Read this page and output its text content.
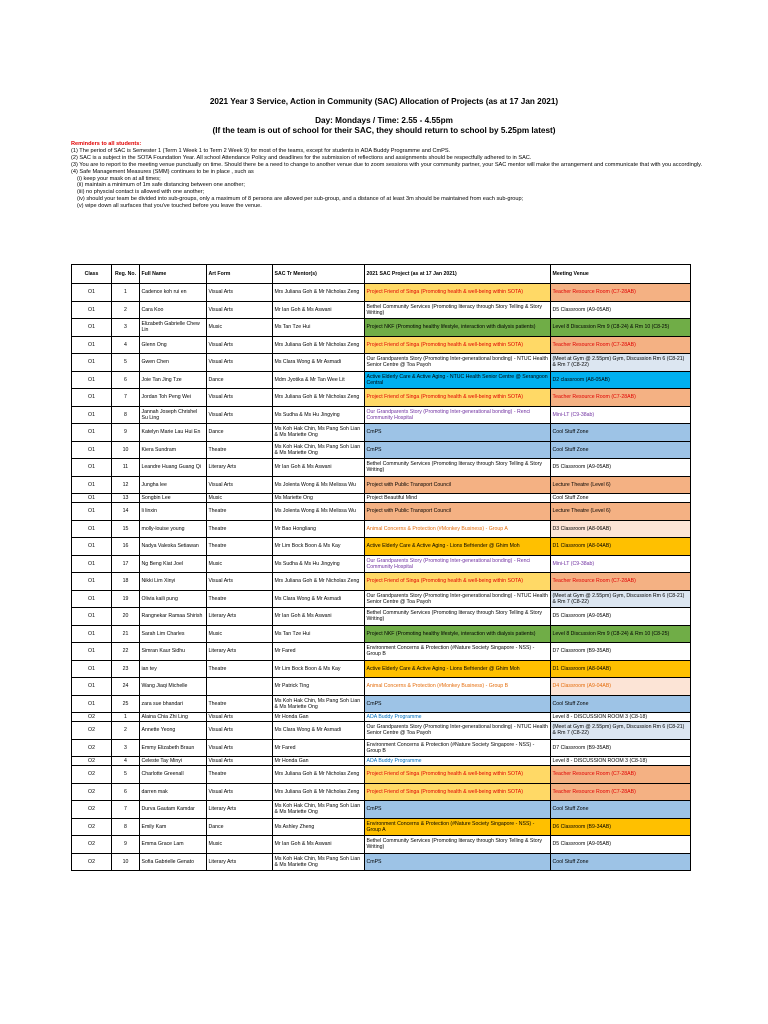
2021 Year 3 Service, Action in Community (SAC) Allocation of Projects (as at 17 Jan 2021)
Day: Mondays / Time: 2.55 - 4.55pm
(If the team is out of school for their SAC, they should return to school by 5.25pm latest)
Reminders to all students:
(1) The period of SAC is Semester 1 (Term 1 Week 1 to Term 2 Week 9) for most of the teams, except for students in ADA Buddy Programme and CmPS.
(2) SAC is a subject in the SOTA Foundation Year. All school Attendance Policy and deadlines for the submission of reflections and assignments should be respectfully adhered to in SAC.
(3) You are to report to the meeting venue punctually on time. Should there be a need to change to another venue due to zoom sessions with your community partner, your SAC mentor will make the arrangement and communicate that with you accordingly.
(4) Safe Management Measures (SMM) continues to be in place , such as
(i) keep your mask on at all times;
(ii) maintain a minimum of 1m safe distancing between one another;
(iii) no physcial contact is allowed with one another;
(iv) should your team be divided into sub-groups, only a maximum of 8 persons are allowed per sub-group, and a distance of at least 3m should be maintained from each sub-group;
(v) wipe down all surfaces that you've touched before you leave the venue.
Class	Reg. No.	Full Name	Art Form	SAC Tr Mentor(s)	2021 SAC Project (as at 17 Jan 2021)	Meeting Venue
O1	1	Cadence koh rui en	Visual Arts	Mrs Juliana Goh & Mr Nicholas Zeng	Project Friend of Singa (Promoting health & well-being within SOTA)	Teacher Resource Room (C7-28AB)
O1	2	Cara Koo	Visual Arts	Mr Ian Goh & Ms Aswani	Bethel Community Services (Promoting literacy through Story Telling & Story Writing)	D5 Classroom (A9-05AB)
O1	3	Elizabeth Gabrielle Chew Lin	Music	Ms Tan Tze Hui	Project NKF (Promoting healthy lifestyle, interaction with dialysis patients)	Level 8 Discussion Rm 9 (C8-24) & Rm 10 (C8-25)
O1	4	Glenn Ong	Visual Arts	Mrs Juliana Goh & Mr Nicholas Zeng	Project Friend of Singa (Promoting health & well-being within SOTA)	Teacher Resource Room (C7-28AB)
O1	5	Gwen Chen	Visual Arts	Ms Clara Wong & Mr Asmadi	Our Grandparents Story (Promoting Inter-generational bonding) - NTUC Health Senior Centre @ Toa Payoh	(Meet at Gym @ 2.55pm) Gym, Discussion Rm 6 (C8-21) & Rm 7 (C8-22)
O1	6	Joie Tan Jing Tze	Dance	Mdm Jyotika & Mr Tan Wee Lit	Active Elderly Care & Active Aging - NTUC Health Senior Centre @ Serangoon Central	D2 classroom (A8-05AB)
O1	7	Jordan Toh Peng Wei	Visual Arts	Mrs Juliana Goh & Mr Nicholas Zeng	Project Friend of Singa (Promoting health & well-being within SOTA)	Teacher Resource Room (C7-28AB)
O1	8	Jannah Joseph Chrishel Su Ling	Visual Arts	Ms Sudha & Ms Hu Jingying	Our Grandparents Story (Promoting Inter-generational bonding) - Renci Community Hospital	Mini-LT (C9-38ab)
O1	9	Katelyn Marie Lau Hui En	Dance	Ms Koh Hak Chin, Ms Pang Soh Lian & Ms Mariette Ong	CmPS	Cool Stuff Zone
O1	10	Kiera Sundram	Theatre	Ms Koh Hak Chin, Ms Pang Soh Lian & Ms Mariette Ong	CmPS	Cool Stuff Zone
O1	11	Leandre Huang Guang Qi	Literary Arts	Mr Ian Goh & Ms Aswani	Bethel Community Services (Promoting literacy through Story Telling & Story Writing)	D5 Classroom (A9-05AB)
O1	12	Jungha lee	Visual Arts	Ms Jolenta Wong & Ms Melissa Wu	Project with Public Transport Council	Lecture Theatre (Level 6)
O1	13	Songbin Lee	Music	Ms Mariette Ong	Project Beautiful Mind	Cool Stuff Zone
O1	14	li linxin	Theatre	Ms Jolenta Wong & Ms Melissa Wu	Project with Public Transport Council	Lecture Theatre (Level 6)
O1	15	molly-louise young	Theatre	Mr Bao Hongliang	Animal Concerns & Protection (#Monkey Business) - Group A	D3 Classroom (A8-06AB)
O1	16	Nadya Valeska Setiawan	Theatre	Mr Lim Bock Boon & Ms Kay	Active Elderly Care & Active Aging - Lions Befriender @ Ghim Moh	D1 Classroom (A8-04AB)
O1	17	Ng Beng Kiat Joel	Music	Ms Sudha & Ms Hu Jingying	Our Grandparents Story (Promoting Inter-generational bonding) - Renci Community Hospital	Mini-LT (C9-38ab)
O1	18	Nikki Lim Xinyi	Visual Arts	Mrs Juliana Goh & Mr Nicholas Zeng	Project Friend of Singa (Promoting health & well-being within SOTA)	Teacher Resource Room (C7-28AB)
O1	19	Olivia kaili pung	Theatre	Ms Clara Wong & Mr Asmadi	Our Grandparents Story (Promoting Inter-generational bonding) - NTUC Health Senior Centre @ Toa Payoh	(Meet at Gym @ 2.55pm) Gym, Discussion Rm 6 (C8-21) & Rm 7 (C8-22)
O1	20	Rangnekar Ramaa Shirish	Literary Arts	Mr Ian Goh & Ms Aswani	Bethel Community Services (Promoting literacy through Story Telling & Story Writing)	D5 Classroom (A9-05AB)
O1	21	Sarah Lim Charles	Music	Ms Tan Tze Hui	Project NKF (Promoting healthy lifestyle, interaction with dialysis patients)	Level 8 Discussion Rm 9 (C8-24) & Rm 10 (C8-25)
O1	22	Simran Kaur Sidhu	Literary Arts	Mr Fared	Environment Concerns & Protection (#Nature Society Singapore - NSS) - Group B	D7 Classroom (B9-35AB)
O1	23	ian tey	Theatre	Mr Lim Bock Boon & Ms Kay	Active Elderly Care & Active Aging - Lions Befriender @ Ghim Moh	D1 Classroom (A8-04AB)
O1	24	Wang Jiaqi Michelle		Mr Patrick Ting	Animal Concerns & Protection (#Monkey Business) - Group B	D4 Classroom (A9-04AB)
O1	25	zara sue bhandari	Theatre	Ms Koh Hak Chin, Ms Pang Soh Lian & Ms Mariette Ong	CmPS	Cool Stuff Zone
O2	1	Alaina Chia Zhi Ling	Visual Arts	Mr Honda Gan	ADA Buddy Programme	Level 8 - DISCUSSION ROOM 3 (C8-18)
O2	2	Annette Yeong	Visual Arts	Ms Clara Wong & Mr Asmadi	Our Grandparents Story (Promoting Inter-generational bonding) - NTUC Health Senior Centre @ Toa Payoh	(Meet at Gym @ 2.55pm) Gym, Discussion Rm 6 (C8-21) & Rm 7 (C8-22)
O2	3	Emmy Elizabeth Braun	Visual Arts	Mr Fared	Environment Concerns & Protection (#Nature Society Singapore - NSS) - Group B	D7 Classroom (B9-35AB)
O2	4	Celeste Tay Minyi	Visual Arts	Mr Honda Gan	ADA Buddy Programme	Level 8 - DISCUSSION ROOM 3 (C8-18)
O2	5	Charlotte Greenall	Theatre	Mrs Juliana Goh & Mr Nicholas Zeng	Project Friend of Singa (Promoting health & well-being within SOTA)	Teacher Resource Room (C7-28AB)
O2	6	darren mak	Visual Arts	Mrs Juliana Goh & Mr Nicholas Zeng	Project Friend of Singa (Promoting health & well-being within SOTA)	Teacher Resource Room (C7-28AB)
O2	7	Durva Gautam Kamdar	Literary Arts	Ms Koh Hak Chin, Ms Pang Soh Lian & Ms Mariette Ong	CmPS	Cool Stuff Zone
O2	8	Emily Kam	Dance	Ms Ashley Zheng	Environment Concerns & Protection (#Nature Society Singapore - NSS) - Group A	D6 Classroom (B9-34AB)
O2	9	Emma Grace Lam	Music	Mr Ian Goh & Ms Aswani	Bethel Community Services (Promoting literacy through Story Telling & Story Writing)	D5 Classroom (A9-05AB)
O2	10	Sofia Gabrielle Genato	Literary Arts	Ms Koh Hak Chin, Ms Pang Soh Lian & Ms Mariette Ong	CmPS	Cool Stuff Zone
